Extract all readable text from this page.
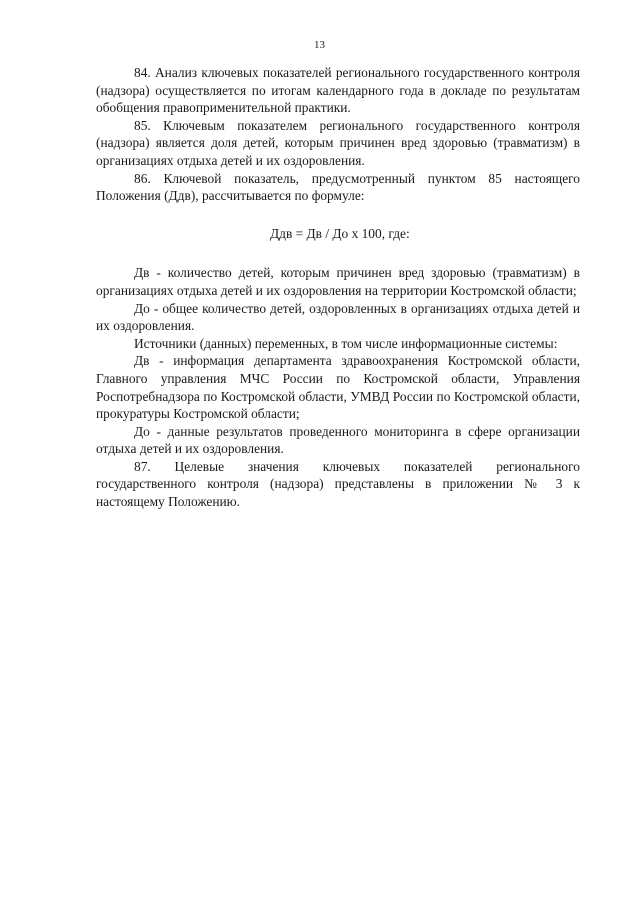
13

84. Анализ ключевых показателей регионального государственного контроля (надзора) осуществляется по итогам календарного года в докладе по результатам обобщения правоприменительной практики.

85. Ключевым показателем регионального государственного контроля (надзора) является доля детей, которым причинен вред здоровью (травматизм) в организациях отдыха детей и их оздоровления.

86. Ключевой показатель, предусмотренный пунктом 85 настоящего Положения (Ддв), рассчитывается по формуле:

Ддв = Дв / До х 100, где:

Дв - количество детей, которым причинен вред здоровью (травматизм) в организациях отдыха детей и их оздоровления на территории Костромской области;

До - общее количество детей, оздоровленных в организациях отдыха детей и их оздоровления.

Источники (данных) переменных, в том числе информационные системы:

Дв - информация департамента здравоохранения Костромской области, Главного управления МЧС России по Костромской области, Управления Роспотребнадзора по Костромской области, УМВД России по Костромской области, прокуратуры Костромской области;

До - данные результатов проведенного мониторинга в сфере организации отдыха детей и их оздоровления.

87. Целевые значения ключевых показателей регионального государственного контроля (надзора) представлены в приложении № 3 к настоящему Положению.
